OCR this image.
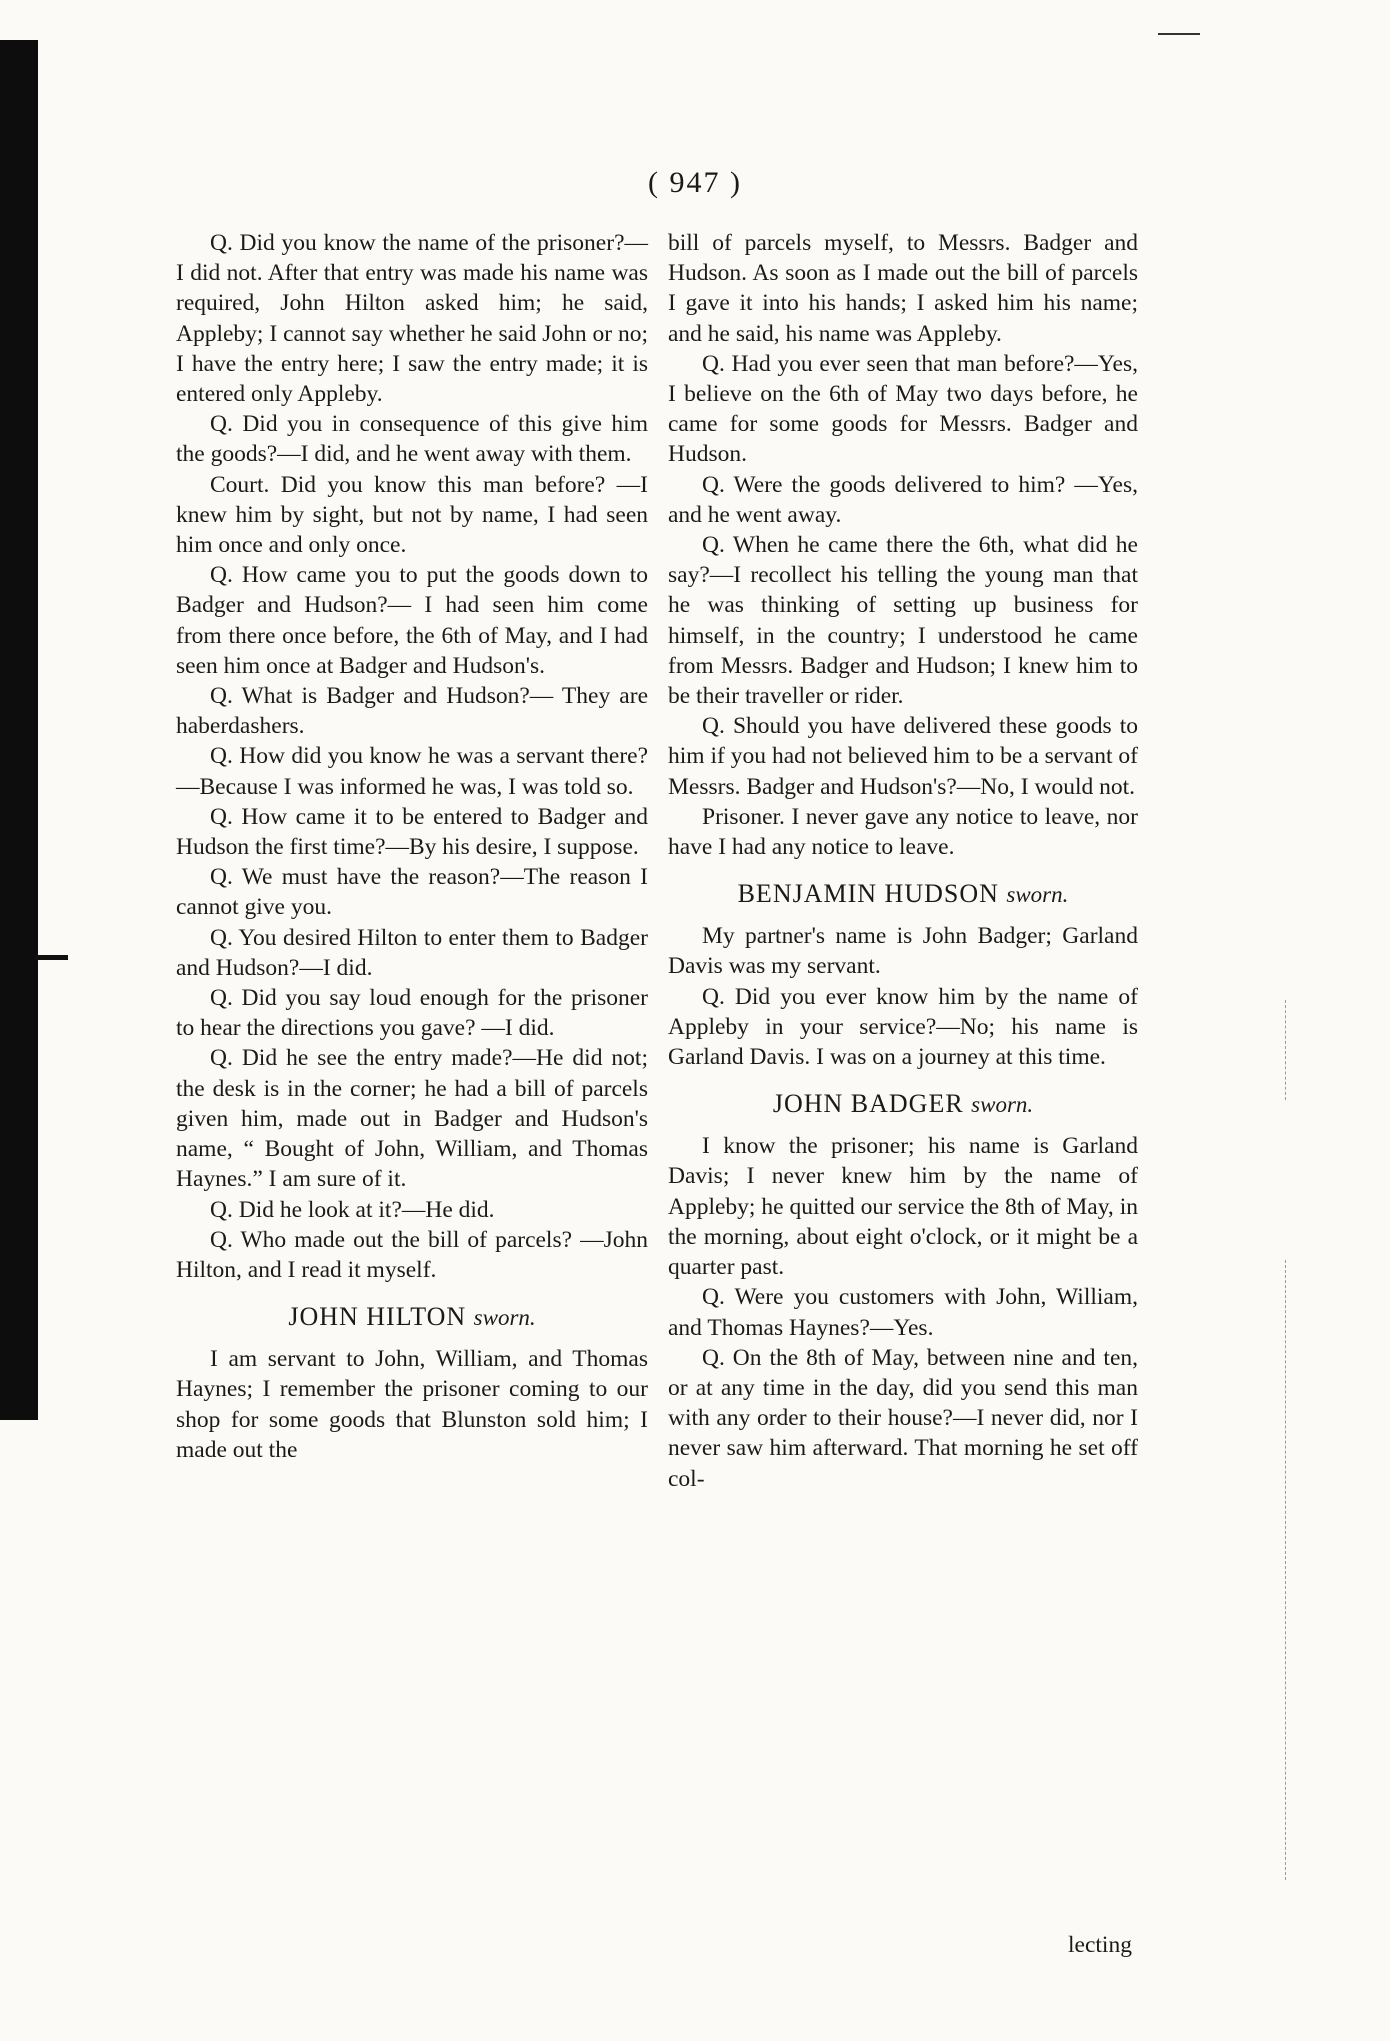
( 947 )

Q. Did you know the name of the prisoner?— I did not. After that entry was made his name was required, John Hilton asked him; he said, Appleby; I cannot say whether he said John or no; I have the entry here; I saw the entry made; it is entered only Appleby.

Q. Did you in consequence of this give him the goods?—I did, and he went away with them.

Court. Did you know this man before? —I knew him by sight, but not by name, I had seen him once and only once.

Q. How came you to put the goods down to Badger and Hudson?— I had seen him come from there once before, the 6th of May, and I had seen him once at Badger and Hudson's.

Q. What is Badger and Hudson?— They are haberdashers.

Q. How did you know he was a servant there?—Because I was informed he was, I was told so.

Q. How came it to be entered to Badger and Hudson the first time?—By his desire, I suppose.

Q. We must have the reason?—The reason I cannot give you.

Q. You desired Hilton to enter them to Badger and Hudson?—I did.

Q. Did you say loud enough for the prisoner to hear the directions you gave? —I did.

Q. Did he see the entry made?—He did not; the desk is in the corner; he had a bill of parcels given him, made out in Badger and Hudson's name, “ Bought of John, William, and Thomas Haynes.” I am sure of it.

Q. Did he look at it?—He did.

Q. Who made out the bill of parcels? —John Hilton, and I read it myself.

JOHN HILTON sworn.

I am servant to John, William, and Thomas Haynes; I remember the prisoner coming to our shop for some goods that Blunston sold him; I made out the

bill of parcels myself, to Messrs. Badger and Hudson. As soon as I made out the bill of parcels I gave it into his hands; I asked him his name; and he said, his name was Appleby.

Q. Had you ever seen that man before?—Yes, I believe on the 6th of May two days before, he came for some goods for Messrs. Badger and Hudson.

Q. Were the goods delivered to him? —Yes, and he went away.

Q. When he came there the 6th, what did he say?—I recollect his telling the young man that he was thinking of setting up business for himself, in the country; I understood he came from Messrs. Badger and Hudson; I knew him to be their traveller or rider.

Q. Should you have delivered these goods to him if you had not believed him to be a servant of Messrs. Badger and Hudson's?—No, I would not.

Prisoner. I never gave any notice to leave, nor have I had any notice to leave.

BENJAMIN HUDSON sworn.

My partner's name is John Badger; Garland Davis was my servant.

Q. Did you ever know him by the name of Appleby in your service?—No; his name is Garland Davis. I was on a journey at this time.

JOHN BADGER sworn.

I know the prisoner; his name is Garland Davis; I never knew him by the name of Appleby; he quitted our service the 8th of May, in the morning, about eight o'clock, or it might be a quarter past.

Q. Were you customers with John, William, and Thomas Haynes?—Yes.

Q. On the 8th of May, between nine and ten, or at any time in the day, did you send this man with any order to their house?—I never did, nor I never saw him afterward. That morning he set off col-

lecting
